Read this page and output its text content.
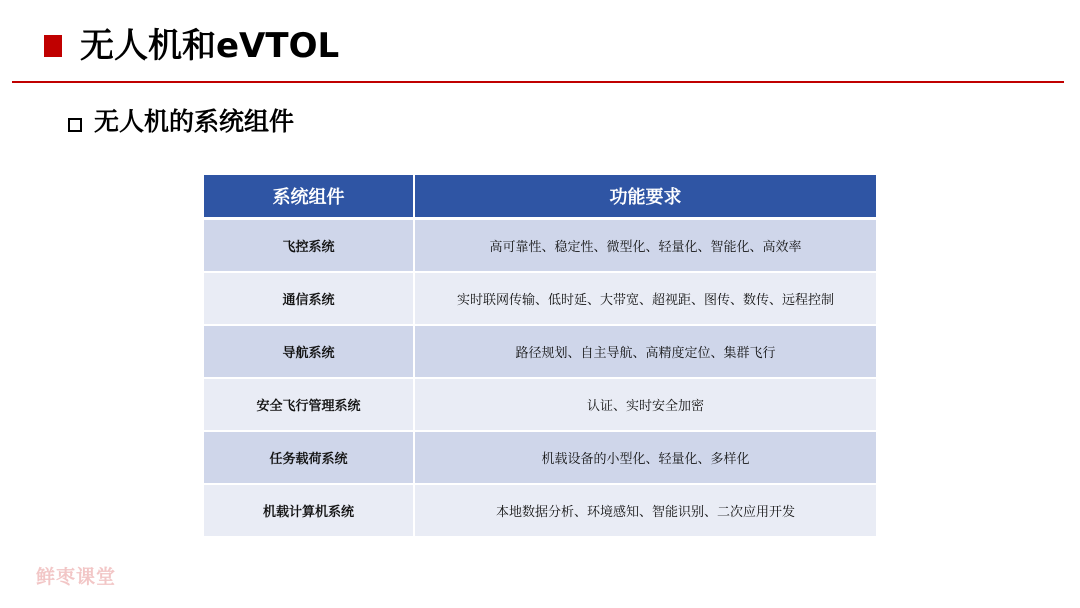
无人机和eVTOL
无人机的系统组件
系统组件	功能要求
飞控系统	高可靠性、稳定性、微型化、轻量化、智能化、高效率
通信系统	实时联网传输、低时延、大带宽、超视距、图传、数传、远程控制
导航系统	路径规划、自主导航、高精度定位、集群飞行
安全飞行管理系统	认证、实时安全加密
任务载荷系统	机载设备的小型化、轻量化、多样化
机载计算机系统	本地数据分析、环境感知、智能识别、二次应用开发
鲜枣课堂
